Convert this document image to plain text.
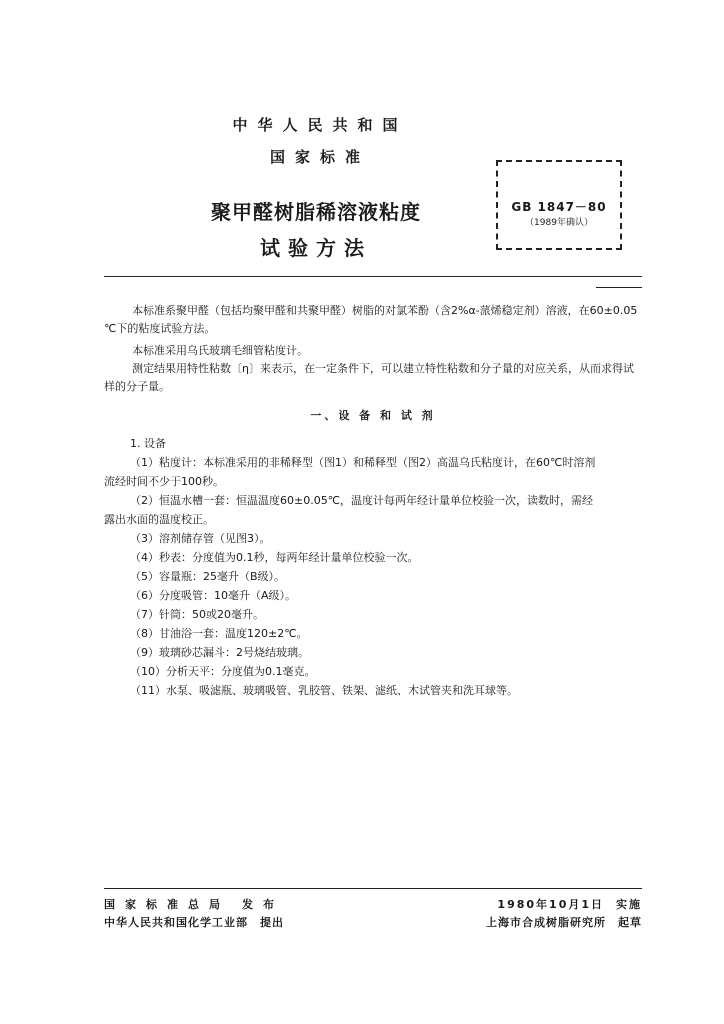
中华人民共和国
国家标准
聚甲醛树脂稀溶液粘度
试验方法
GB 1847－80
（1989年确认）
本标准系聚甲醛（包括均聚甲醛和共聚甲醛）树脂的对氯苯酚（含2%α-蒎烯稳定剂）溶液，在60±0.05 ℃下的粘度试验方法。
本标准采用乌氏玻璃毛细管粘度计。
测定结果用特性粘数〔η〕来表示，在一定条件下，可以建立特性粘数和分子量的对应关系，从而求得试样的分子量。
一、设 备 和 试 剂
1. 设备
（1）粘度计：本标准采用的非稀释型（图1）和稀释型（图2）高温乌氏粘度计，在60℃时溶剂
流经时间不少于100秒。
（2）恒温水槽一套：恒温温度60±0.05℃，温度计每两年经计量单位校验一次，读数时，需经
露出水面的温度校正。
（3）溶剂储存管（见图3）。
（4）秒表：分度值为0.1秒，每两年经计量单位校验一次。
（5）容量瓶：25毫升（B级）。
（6）分度吸管：10毫升（A级）。
（7）针筒：50或20毫升。
（8）甘油浴一套：温度120±2℃。
（9）玻璃砂芯漏斗：2号烧结玻璃。
（10）分析天平：分度值为0.1毫克。
（11）水泵、吸滤瓶、玻璃吸管、乳胶管、铁架、滤纸、木试管夹和洗耳球等。
国家标准总局 发布
中华人民共和国化学工业部 提出
1980年10月1日 实施
上海市合成树脂研究所 起草
